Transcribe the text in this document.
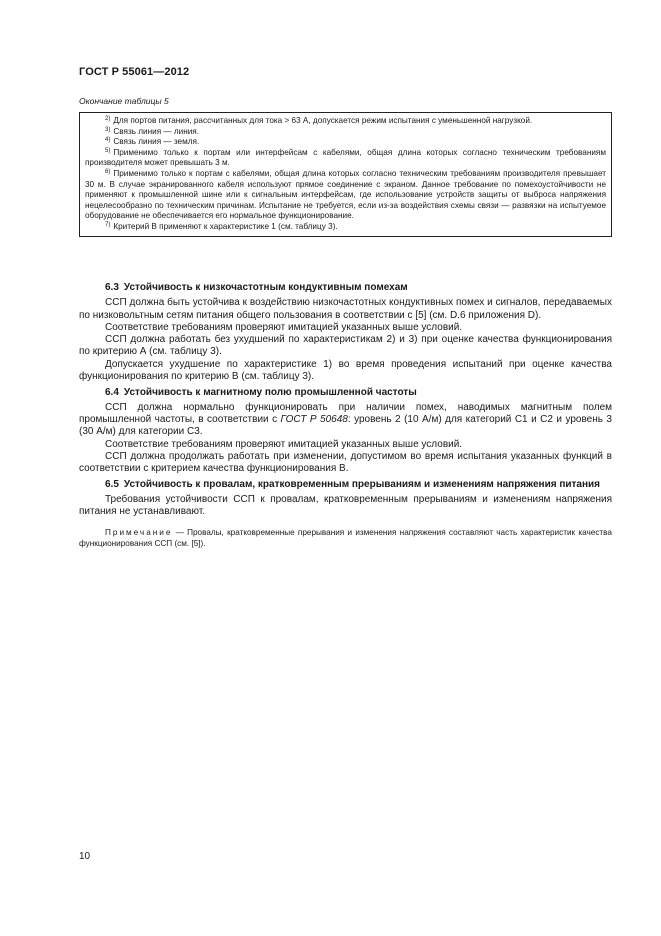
ГОСТ Р 55061—2012
Окончание таблицы 5
$^{2)}$ Для портов питания, рассчитанных для тока > 63 А, допускается режим испытания с уменьшенной нагрузкой.
$^{3)}$ Связь линия — линия.
$^{4)}$ Связь линия — земля.
$^{5)}$ Применимо только к портам или интерфейсам с кабелями, общая длина которых согласно техническим требованиям производителя может превышать 3 м.
$^{6)}$ Применимо только к портам с кабелями, общая длина которых согласно техническим требованиям производителя превышает 30 м. В случае экранированного кабеля используют прямое соединение с экраном. Данное требование по помехоустойчивости не применяют к промышленной шине или к сигнальным интерфейсам, где использование устройств защиты от выброса напряжения нецелесообразно по техническим причинам. Испытание не требуется, если из-за воздействия схемы связи — развязки на испытуемое оборудование не обеспечивается его нормальное функционирование.
$^{7)}$ Критерий В применяют к характеристике 1 (см. таблицу 3).

6.3 Устойчивость к низкочастотным кондуктивным помехам

ССП должна быть устойчива к воздействию низкочастотных кондуктивных помех и сигналов, передаваемых по низковольтным сетям питания общего пользования в соответствии с [5] (см. D.6 приложения D).

Соответствие требованиям проверяют имитацией указанных выше условий.

ССП должна работать без ухудшений по характеристикам 2) и 3) при оценке качества функционирования по критерию А (см. таблицу 3).

Допускается ухудшение по характеристике 1) во время проведения испытаний при оценке качества функционирования по критерию В (см. таблицу 3).

6.4 Устойчивость к магнитному полю промышленной частоты

ССП должна нормально функционировать при наличии помех, наводимых магнитным полем промышленной частоты, в соответствии с ГОСТ Р 50648: уровень 2 (10 А/м) для категорий С1 и С2 и уровень 3 (30 А/м) для категории С3.

Соответствие требованиям проверяют имитацией указанных выше условий.

ССП должна продолжать работать при изменении, допустимом во время испытания указанных функций в соответствии с критерием качества функционирования В.

6.5 Устойчивость к провалам, кратковременным прерываниям и изменениям напряжения питания

Требования устойчивости ССП к провалам, кратковременным прерываниям и изменениям напряжения питания не устанавливают.

Примечание — Провалы, кратковременные прерывания и изменения напряжения составляют часть характеристик качества функционирования ССП (см. [5]).

10
